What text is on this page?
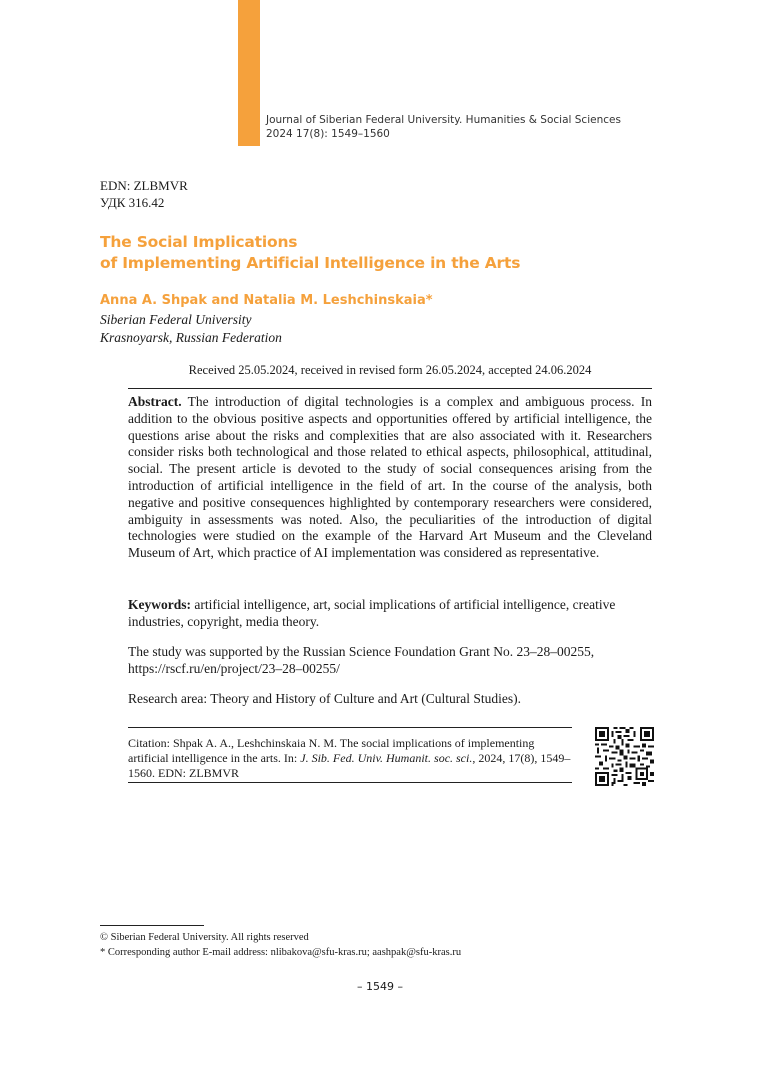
Journal of Siberian Federal University. Humanities & Social Sciences
2024 17(8): 1549–1560
EDN: ZLBMVR
УДК 316.42
The Social Implications
of Implementing Artificial Intelligence in the Arts
Anna A. Shpak and Natalia M. Leshchinskaia*
Siberian Federal University
Krasnoyarsk, Russian Federation
Received 25.05.2024, received in revised form 26.05.2024, accepted 24.06.2024
Abstract. The introduction of digital technologies is a complex and ambiguous process. In addition to the obvious positive aspects and opportunities offered by artificial intelligence, the questions arise about the risks and complexities that are also associated with it. Researchers consider risks both technological and those related to ethical aspects, philosophical, attitudinal, social. The present article is devoted to the study of social consequences arising from the introduction of artificial intelligence in the field of art. In the course of the analysis, both negative and positive consequences highlighted by contemporary researchers were considered, ambiguity in assessments was noted. Also, the peculiarities of the introduction of digital technologies were studied on the example of the Harvard Art Museum and the Cleveland Museum of Art, which practice of AI implementation was considered as representative.
Keywords: artificial intelligence, art, social implications of artificial intelligence, creative industries, copyright, media theory.
The study was supported by the Russian Science Foundation Grant No. 23–28–00255,
https://rscf.ru/en/project/23–28–00255/
Research area: Theory and History of Culture and Art (Cultural Studies).
Citation: Shpak A. A., Leshchinskaia N. M. The social implications of implementing artificial intelligence in the arts. In: J. Sib. Fed. Univ. Humanit. soc. sci., 2024, 17(8), 1549–1560. EDN: ZLBMVR
© Siberian Federal University. All rights reserved
* Corresponding author E-mail address: nlibakova@sfu-kras.ru; aashpak@sfu-kras.ru
– 1549 –
